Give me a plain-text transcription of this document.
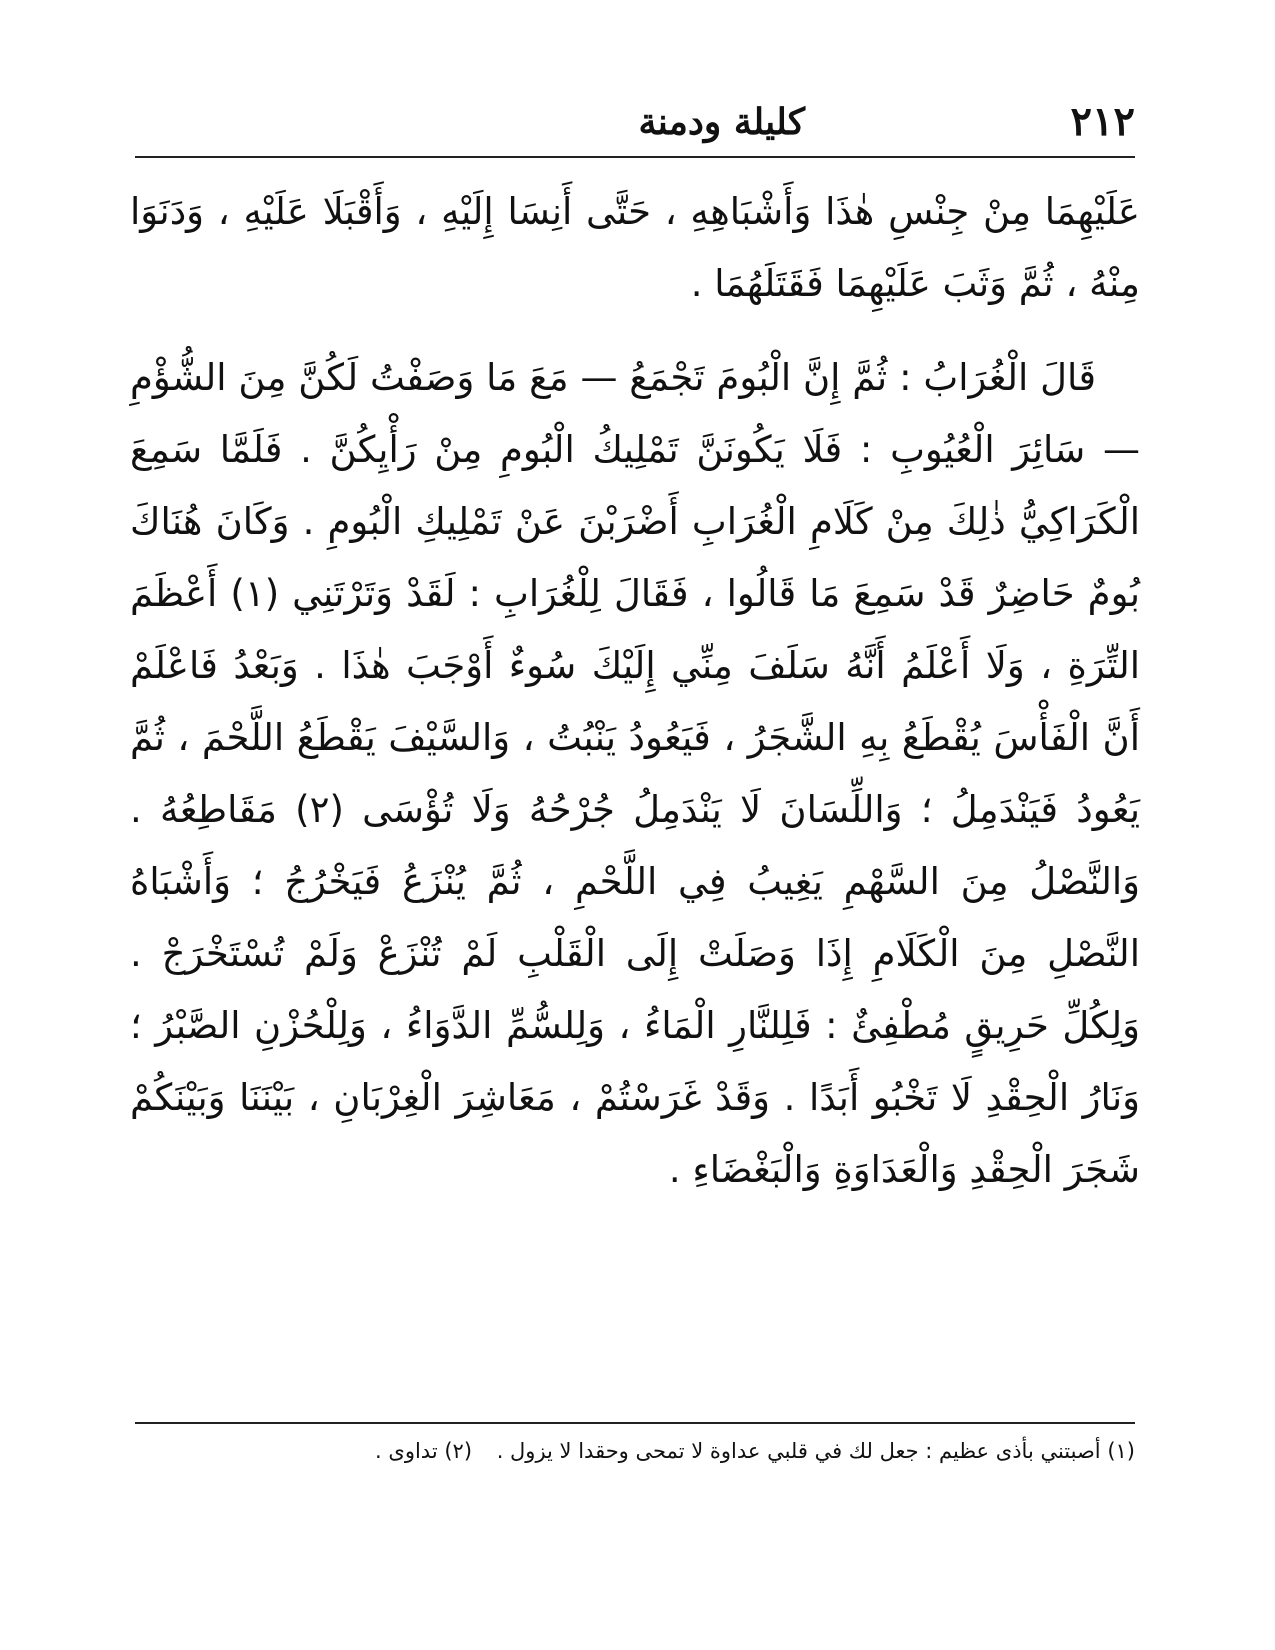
٢١٢
كليلة ودمنة

عَلَيْهِمَا مِنْ جِنْسِ هٰذَا وَأَشْبَاهِهِ ، حَتَّى أَنِسَا إِلَيْهِ ، وَأَقْبَلَا عَلَيْهِ ، وَدَنَوَا مِنْهُ ، ثُمَّ وَثَبَ عَلَيْهِمَا فَقَتَلَهُمَا .

قَالَ الْغُرَابُ : ثُمَّ إِنَّ الْبُومَ تَجْمَعُ — مَعَ مَا وَصَفْتُ لَكُنَّ مِنَ الشُّؤْمِ — سَائِرَ الْعُيُوبِ : فَلَا يَكُونَنَّ تَمْلِيكُ الْبُومِ مِنْ رَأْيِكُنَّ . فَلَمَّا سَمِعَ الْكَرَاكِيُّ ذٰلِكَ مِنْ كَلَامِ الْغُرَابِ أَضْرَبْنَ عَنْ تَمْلِيكِ الْبُومِ . وَكَانَ هُنَاكَ بُومٌ حَاضِرٌ قَدْ سَمِعَ مَا قَالُوا ، فَقَالَ لِلْغُرَابِ : لَقَدْ وَتَرْتَنِي (١) أَعْظَمَ التِّرَةِ ، وَلَا أَعْلَمُ أَنَّهُ سَلَفَ مِنِّي إِلَيْكَ سُوءٌ أَوْجَبَ هٰذَا . وَبَعْدُ فَاعْلَمْ أَنَّ الْفَأْسَ يُقْطَعُ بِهِ الشَّجَرُ ، فَيَعُودُ يَنْبُتُ ، وَالسَّيْفَ يَقْطَعُ اللَّحْمَ ، ثُمَّ يَعُودُ فَيَنْدَمِلُ ؛ وَاللِّسَانَ لَا يَنْدَمِلُ جُرْحُهُ وَلَا تُؤْسَى (٢) مَقَاطِعُهُ . وَالنَّصْلُ مِنَ السَّهْمِ يَغِيبُ فِي اللَّحْمِ ، ثُمَّ يُنْزَعُ فَيَخْرُجُ ؛ وَأَشْبَاهُ النَّصْلِ مِنَ الْكَلَامِ إِذَا وَصَلَتْ إِلَى الْقَلْبِ لَمْ تُنْزَعْ وَلَمْ تُسْتَخْرَجْ . وَلِكُلِّ حَرِيقٍ مُطْفِئٌ : فَلِلنَّارِ الْمَاءُ ، وَلِلسُّمِّ الدَّوَاءُ ، وَلِلْحُزْنِ الصَّبْرُ ؛ وَنَارُ الْحِقْدِ لَا تَخْبُو أَبَدًا . وَقَدْ غَرَسْتُمْ ، مَعَاشِرَ الْغِرْبَانِ ، بَيْنَنَا وَبَيْنَكُمْ شَجَرَ الْحِقْدِ وَالْعَدَاوَةِ وَالْبَغْضَاءِ .

(١) أصبتني بأذى عظيم : جعل لك في قلبي عداوة لا تمحى وحقدا لا يزول . (٢) تداوى .
